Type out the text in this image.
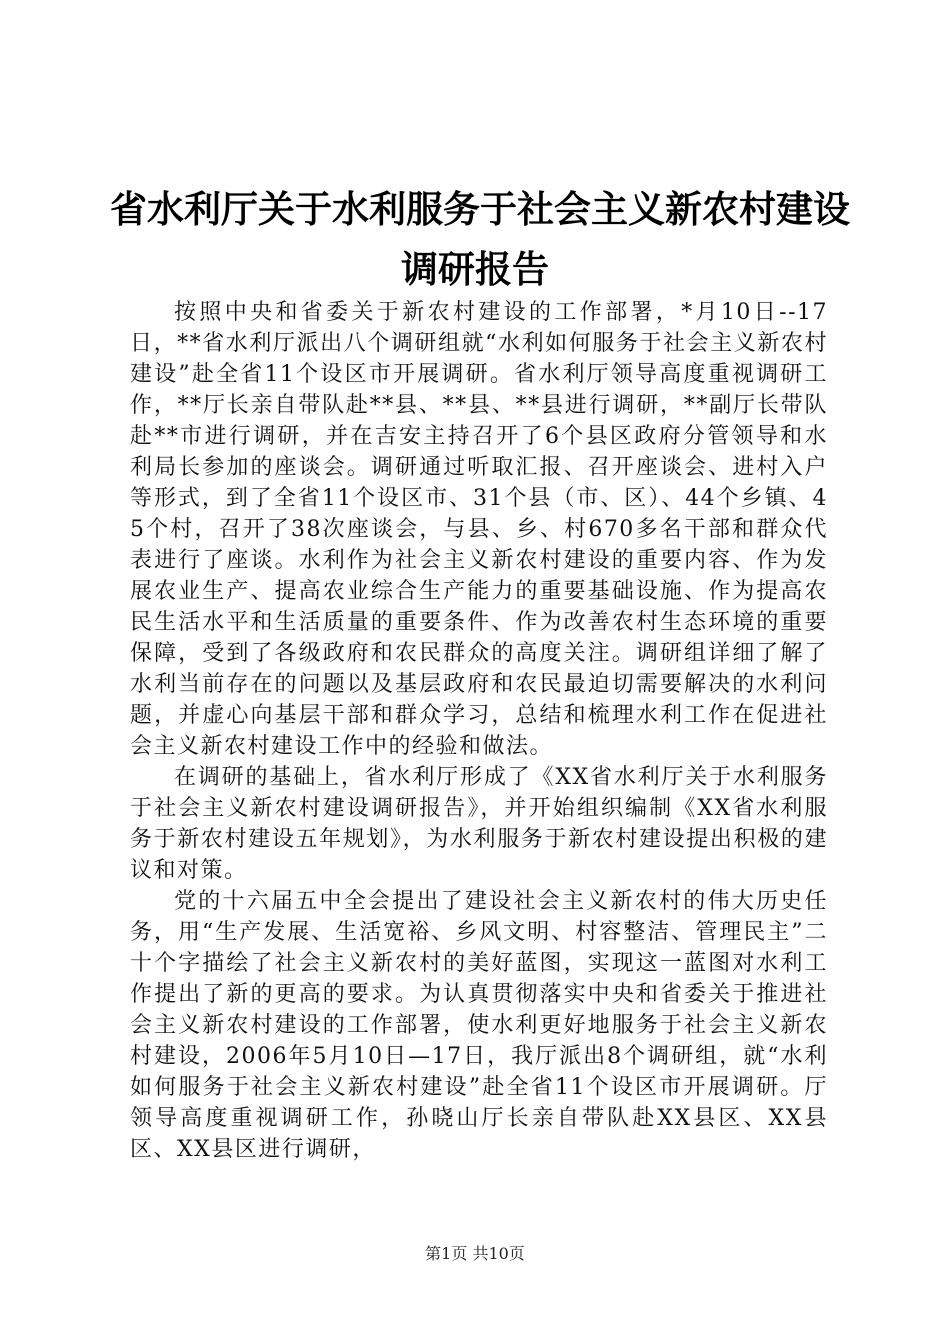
省水利厅关于水利服务于社会主义新农村建设
调研报告

按照中央和省委关于新农村建设的工作部署，*月10日--17日，**省水利厅派出八个调研组就“水利如何服务于社会主义新农村建设”赴全省11个设区市开展调研。省水利厅领导高度重视调研工作，**厅长亲自带队赴**县、**县、**县进行调研，**副厅长带队赴**市进行调研，并在吉安主持召开了6个县区政府分管领导和水利局长参加的座谈会。调研通过听取汇报、召开座谈会、进村入户等形式，到了全省11个设区市、31个县（市、区）、44个乡镇、45个村，召开了38次座谈会，与县、乡、村670多名干部和群众代表进行了座谈。水利作为社会主义新农村建设的重要内容、作为发展农业生产、提高农业综合生产能力的重要基础设施、作为提高农民生活水平和生活质量的重要条件、作为改善农村生态环境的重要保障，受到了各级政府和农民群众的高度关注。调研组详细了解了水利当前存在的问题以及基层政府和农民最迫切需要解决的水利问题，并虚心向基层干部和群众学习，总结和梳理水利工作在促进社会主义新农村建设工作中的经验和做法。

在调研的基础上，省水利厅形成了《XX省水利厅关于水利服务于社会主义新农村建设调研报告》，并开始组织编制《XX省水利服务于新农村建设五年规划》，为水利服务于新农村建设提出积极的建议和对策。

党的十六届五中全会提出了建设社会主义新农村的伟大历史任务，用“生产发展、生活宽裕、乡风文明、村容整洁、管理民主”二十个字描绘了社会主义新农村的美好蓝图，实现这一蓝图对水利工作提出了新的更高的要求。为认真贯彻落实中央和省委关于推进社会主义新农村建设的工作部署，使水利更好地服务于社会主义新农村建设，2006年5月10日—17日，我厅派出8个调研组，就“水利如何服务于社会主义新农村建设”赴全省11个设区市开展调研。厅领导高度重视调研工作，孙晓山厅长亲自带队赴XX县区、XX县区、XX县区进行调研，

第1页 共10页
